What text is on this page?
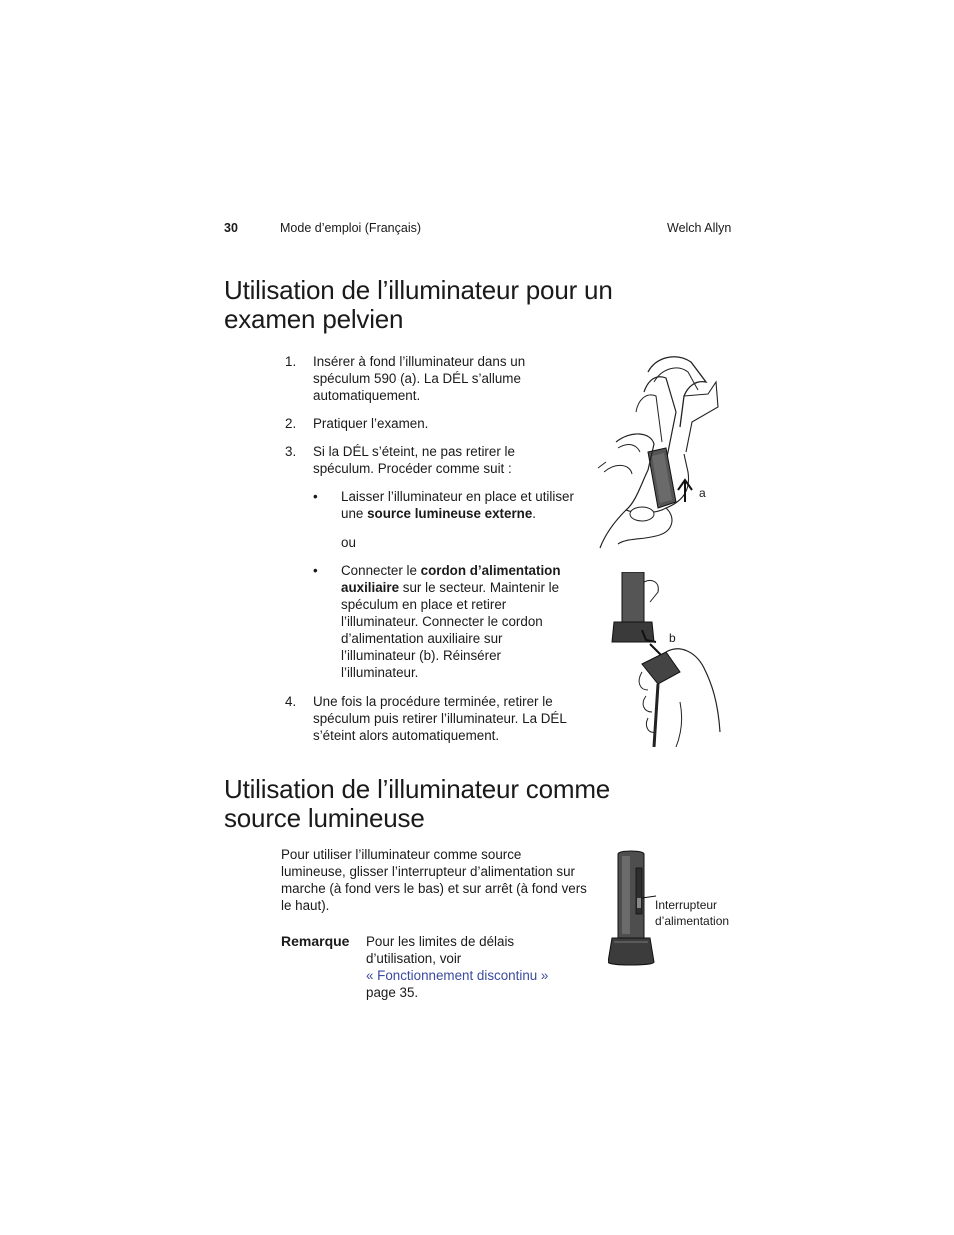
30	Mode d’emploi (Français)	Welch Allyn
Utilisation de l’illuminateur pour un
examen pelvien
1.	Insérer à fond l’illuminateur dans un
spéculum 590 (a). La DÉL s’allume
automatiquement.
2.	Pratiquer l’examen.
3.	Si la DÉL s’éteint, ne pas retirer le
spéculum. Procéder comme suit :
• Laisser l’illuminateur en place et utiliser
une source lumineuse externe.
ou
• Connecter le cordon d’alimentation
auxiliaire sur le secteur. Maintenir le
spéculum en place et retirer
l’illuminateur. Connecter le cordon
d’alimentation auxiliaire sur
l’illuminateur (b). Réinsérer
l’illuminateur.
4.	Une fois la procédure terminée, retirer le
spéculum puis retirer l’illuminateur. La DÉL
s’éteint alors automatiquement.
a
b
Utilisation de l’illuminateur comme
source lumineuse
Pour utiliser l’illuminateur comme source
lumineuse, glisser l’interrupteur d’alimentation sur
marche (à fond vers le bas) et sur arrêt (à fond vers
le haut).
Remarque Pour les limites de délais
d’utilisation, voir
« Fonctionnement discontinu »
page 35.
Interrupteur
d’alimentation
